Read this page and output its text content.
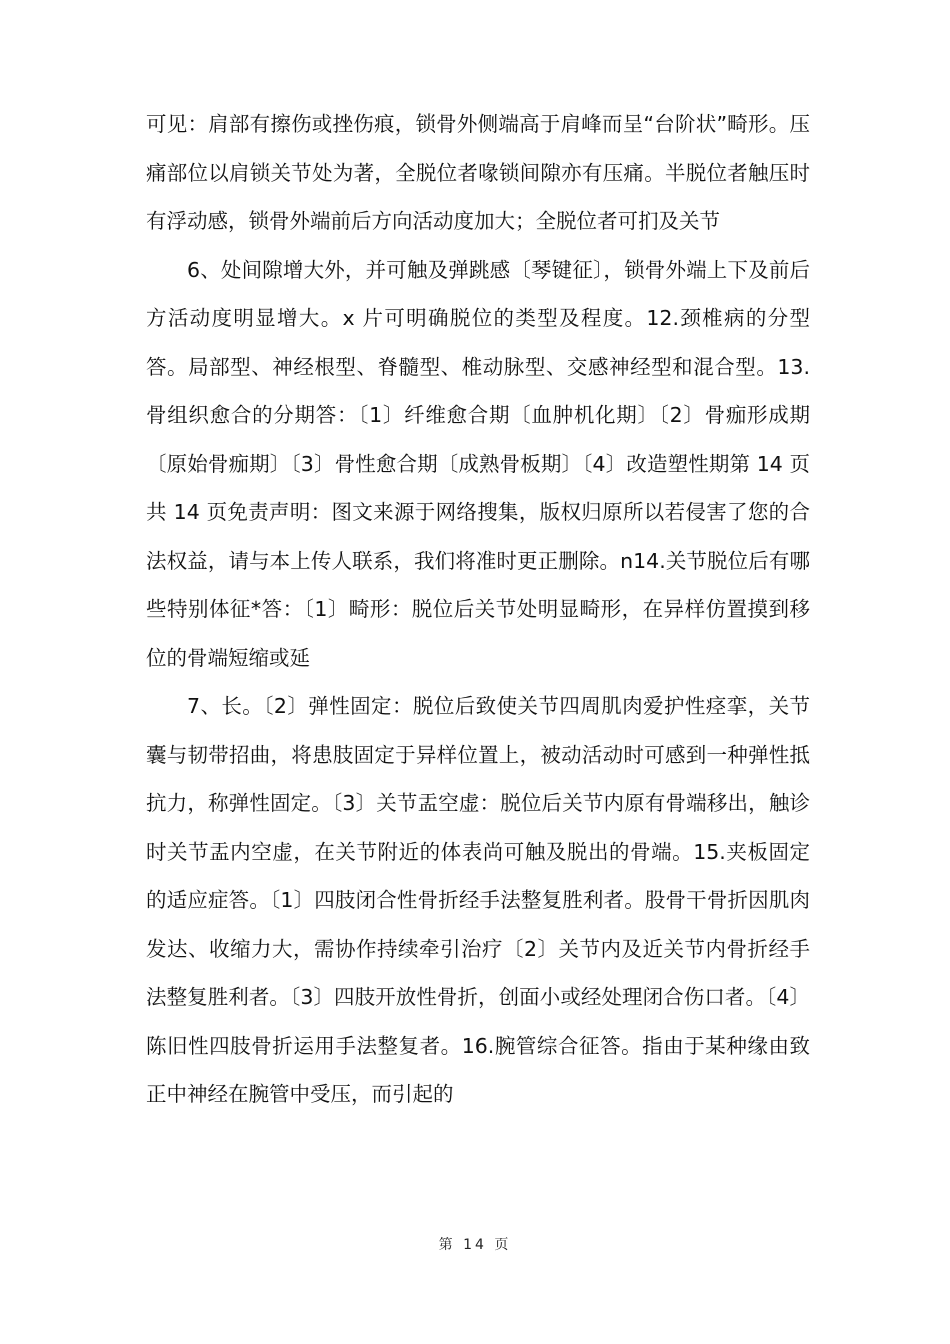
可见：肩部有擦伤或挫伤痕，锁骨外侧端高于肩峰而呈“台阶状”畸形。压痛部位以肩锁关节处为著，全脱位者喙锁间隙亦有压痛。半脱位者触压时有浮动感，锁骨外端前后方向活动度加大；全脱位者可扪及关节

6、处间隙增大外，并可触及弹跳感〔琴键征〕，锁骨外端上下及前后方活动度明显增大。x 片可明确脱位的类型及程度。12.颈椎病的分型答。局部型、神经根型、脊髓型、椎动脉型、交感神经型和混合型。13.骨组织愈合的分期答：〔1〕纤维愈合期〔血肿机化期〕〔2〕骨痂形成期〔原始骨痂期〕〔3〕骨性愈合期〔成熟骨板期〕〔4〕改造塑性期第 14 页共 14 页免责声明：图文来源于网络搜集，版权归原所以若侵害了您的合法权益，请与本上传人联系，我们将准时更正删除。n14.关节脱位后有哪些特别体征*答：〔1〕畸形：脱位后关节处明显畸形，在异样仿置摸到移位的骨端短缩或延

7、长。〔2〕弹性固定：脱位后致使关节四周肌肉爱护性痉挛，关节囊与韧带招曲，将患肢固定于异样位置上，被动活动时可感到一种弹性抵抗力，称弹性固定。〔3〕关节盂空虚：脱位后关节内原有骨端移出，触诊时关节盂内空虚，在关节附近的体表尚可触及脱出的骨端。15.夹板固定的适应症答。〔1〕四肢闭合性骨折经手法整复胜利者。股骨干骨折因肌肉发达、收缩力大，需协作持续牵引治疗〔2〕关节内及近关节内骨折经手法整复胜利者。〔3〕四肢开放性骨折，创面小或经处理闭合伤口者。〔4〕陈旧性四肢骨折运用手法整复者。16.腕管综合征答。指由于某种缘由致正中神经在腕管中受压，而引起的

第 14 页
